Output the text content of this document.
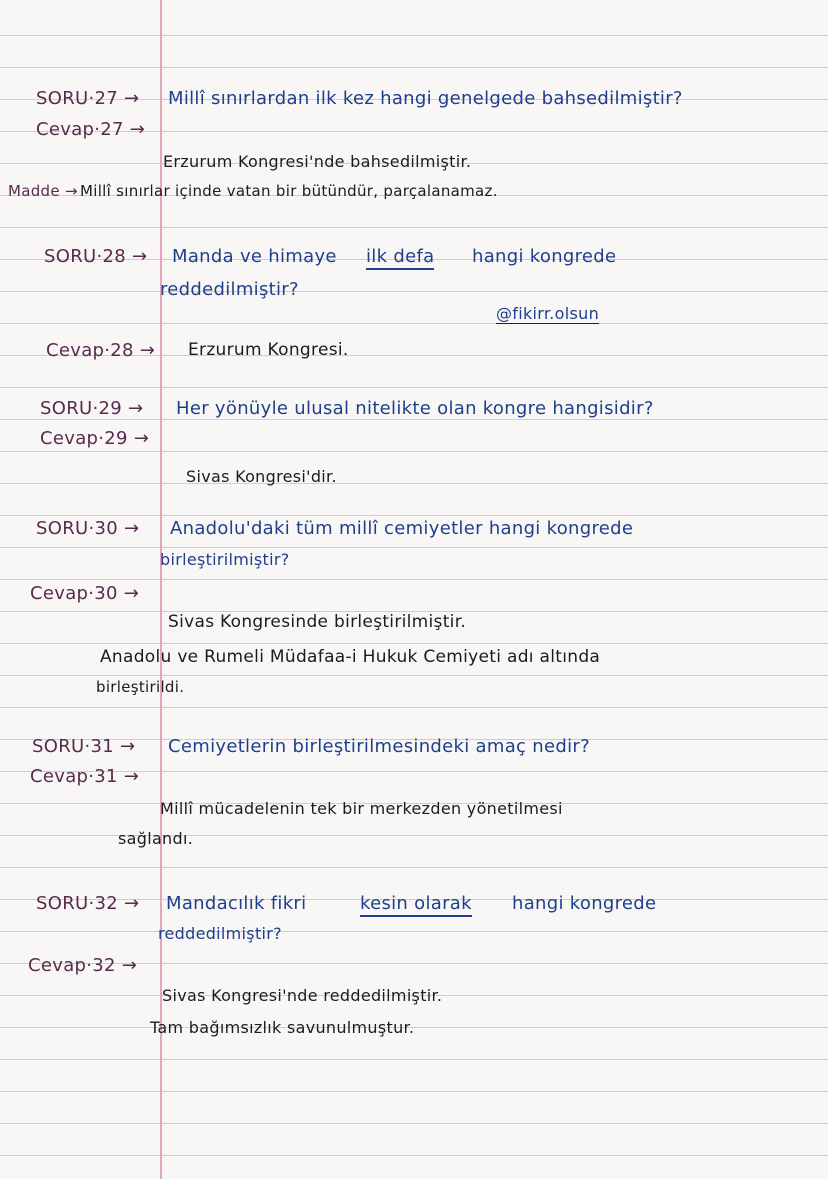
SORU·27 → Millî sınırlardan ilk kez hangi genelgede bahsedilmiştir?
Cevap·27 →
Erzurum Kongresi'nde bahsedilmiştir.
Madde → Millî sınırlar içinde vatan bir bütündür, parçalanamaz.
SORU·28 → Manda ve himaye ilk defa hangi kongrede
reddedilmiştir?
@fikirr.olsun
Cevap·28 → Erzurum Kongresi.
SORU·29 → Her yönüyle ulusal nitelikte olan kongre hangisidir?
Cevap·29 →
Sivas Kongresi'dir.
SORU·30 → Anadolu'daki tüm millî cemiyetler hangi kongrede
birleştirilmiştir?
Cevap·30 →
Sivas Kongresinde birleştirilmiştir.
Anadolu ve Rumeli Müdafaa-i Hukuk Cemiyeti adı altında
birleştirildi.
SORU·31 → Cemiyetlerin birleştirilmesindeki amaç nedir?
Cevap·31 →
Millî mücadelenin tek bir merkezden yönetilmesi
sağlandı.
SORU·32 → Mandacılık fikri	kesin olarak hangi kongrede
reddedilmiştir?
Cevap·32 →
Sivas Kongresi'nde reddedilmiştir.
Tam bağımsızlık savunulmuştur.
